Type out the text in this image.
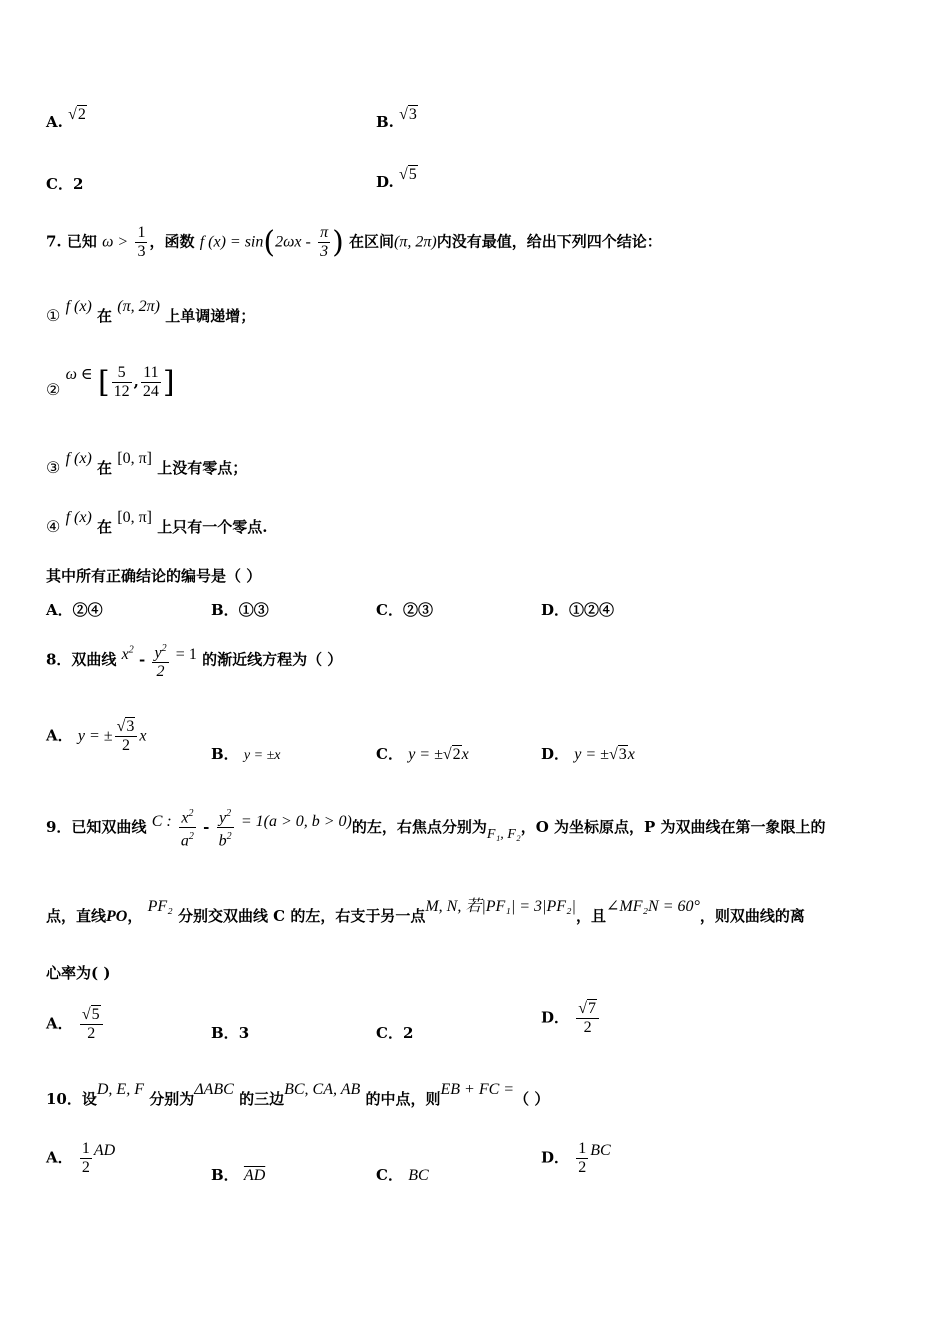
A. √2	B. √3
C．2	D. √5
7. 已知 $\omega > \frac{1}{3}$ ，函数 f $(x) = \sin(2\omega x - \frac{\pi}{3}$ ) 在区间(π, 2π)内没有最值，给出下列四个结论：
① f (x) 在 (π, 2π) 上单调递增；
② ω ∈ [ $\frac{5}{12}$ , $\frac{11}{24}$ ]
③ f (x) 在 [0, π] 上没有零点；
④ f (x) 在 [0, π] 上只有一个零点.
其中所有正确结论的编号是（ ）
A．②④	B．①③	C．②③	D．①②④
8．双曲线 $x^2 - \frac{y^2}{2} = 1$ 的渐近线方程为（ ）
A． y = ± $\frac{√3}{2}$ x
B． y = ±x	C． y = ±√2x	D． y = ±√3x
9．已知双曲线 C : $\frac{x^2}{a^2} - \frac{y^2}{b^2} = 1(a > 0$, b > 0)的左，右焦点分别为F₁, F₂，O 为坐标原点，P 为双曲线在第一象限上的
点，直线PO， PF₂ 分别交双曲线 C 的左，右支于另一点M, N, 若|PF₁| = 3|PF₂|，且∠MF₂N = 60°，则双曲线的离
心率为( )
A． $\frac{√5}{2}$	B．3	C．2
D． $\frac{√7}{2}$
10．设D, E, F 分别为ΔABC 的三边BC, CA, AB 的中点，则EB + FC =（ ）
A． $\frac{1}{2}$ AD
B． $\overline{AD}$	C． BC
D． $\frac{1}{2}$ BC
